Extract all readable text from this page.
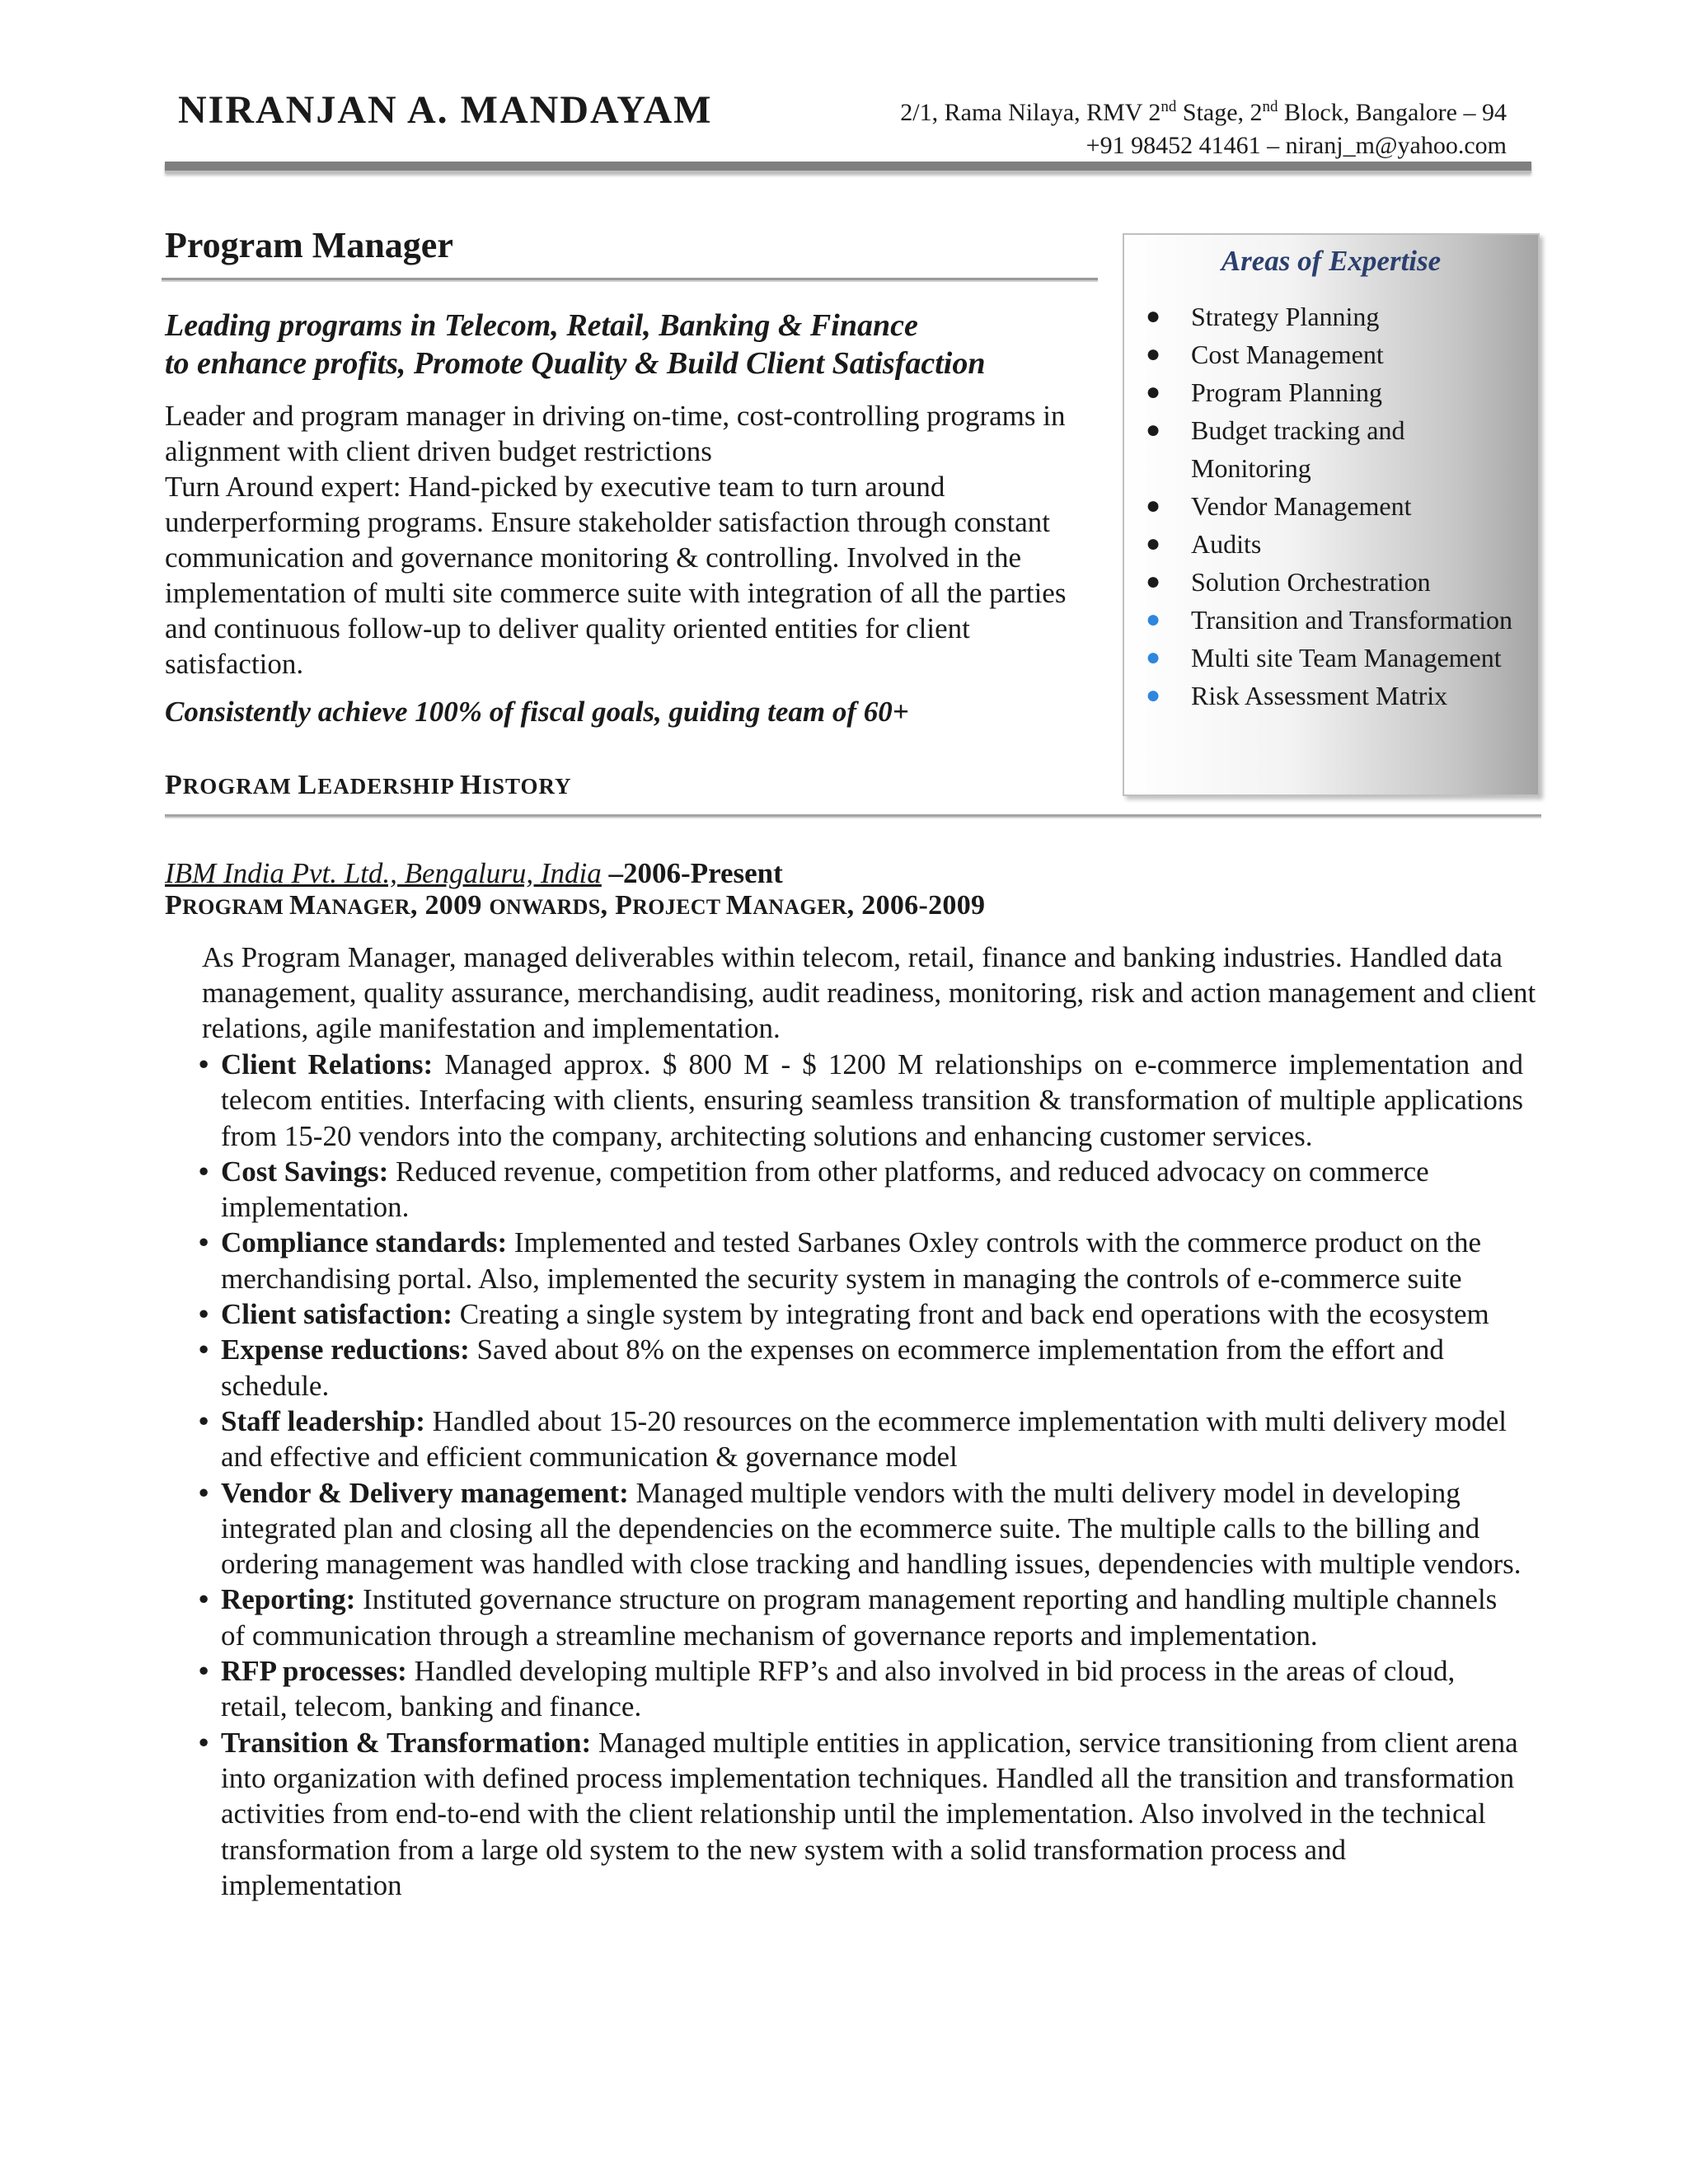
NIRANJAN A. MANDAYAM	2/1, Rama Nilaya, RMV 2nd Stage, 2nd Block, Bangalore – 94
+91 98452 41461 – niranj_m@yahoo.com
Program Manager
Leading programs in Telecom, Retail, Banking & Finance
to enhance profits, Promote Quality & Build Client Satisfaction

Leader and program manager in driving on-time, cost-controlling programs in alignment with client driven budget restrictions

Turn Around expert: Hand-picked by executive team to turn around underperforming programs. Ensure stakeholder satisfaction through constant communication and governance monitoring & controlling. Involved in the implementation of multi site commerce suite with integration of all the parties and continuous follow-up to deliver quality oriented entities for client satisfaction.

Consistently achieve 100% of fiscal goals, guiding team of 60+
PROGRAM LEADERSHIP HISTORY
Areas of Expertise
● Strategy Planning
● Cost Management
● Program Planning
● Budget tracking and Monitoring
● Vendor Management
● Audits
● Solution Orchestration
● Transition and Transformation
● Multi site Team Management
● Risk Assessment Matrix
IBM India Pvt. Ltd., Bengaluru, India –2006-Present
PROGRAM MANAGER, 2009 ONWARDS, PROJECT MANAGER, 2006-2009
As Program Manager, managed deliverables within telecom, retail, finance and banking industries. Handled data management, quality assurance, merchandising, audit readiness, monitoring, risk and action management and client relations, agile manifestation and implementation.
• Client Relations: Managed approx. $ 800 M - $ 1200 M relationships on e-commerce implementation and telecom entities. Interfacing with clients, ensuring seamless transition & transformation of multiple applications from 15-20 vendors into the company, architecting solutions and enhancing customer services.
• Cost Savings: Reduced revenue, competition from other platforms, and reduced advocacy on commerce implementation.
• Compliance standards: Implemented and tested Sarbanes Oxley controls with the commerce product on the merchandising portal. Also, implemented the security system in managing the controls of e-commerce suite
• Client satisfaction: Creating a single system by integrating front and back end operations with the ecosystem
• Expense reductions: Saved about 8% on the expenses on ecommerce implementation from the effort and schedule.
• Staff leadership: Handled about 15-20 resources on the ecommerce implementation with multi delivery model and effective and efficient communication & governance model
• Vendor & Delivery management: Managed multiple vendors with the multi delivery model in developing integrated plan and closing all the dependencies on the ecommerce suite. The multiple calls to the billing and ordering management was handled with close tracking and handling issues, dependencies with multiple vendors.
• Reporting: Instituted governance structure on program management reporting and handling multiple channels of communication through a streamline mechanism of governance reports and implementation.
• RFP processes: Handled developing multiple RFP’s and also involved in bid process in the areas of cloud, retail, telecom, banking and finance.
• Transition & Transformation: Managed multiple entities in application, service transitioning from client arena into organization with defined process implementation techniques. Handled all the transition and transformation activities from end-to-end with the client relationship until the implementation. Also involved in the technical transformation from a large old system to the new system with a solid transformation process and implementation
